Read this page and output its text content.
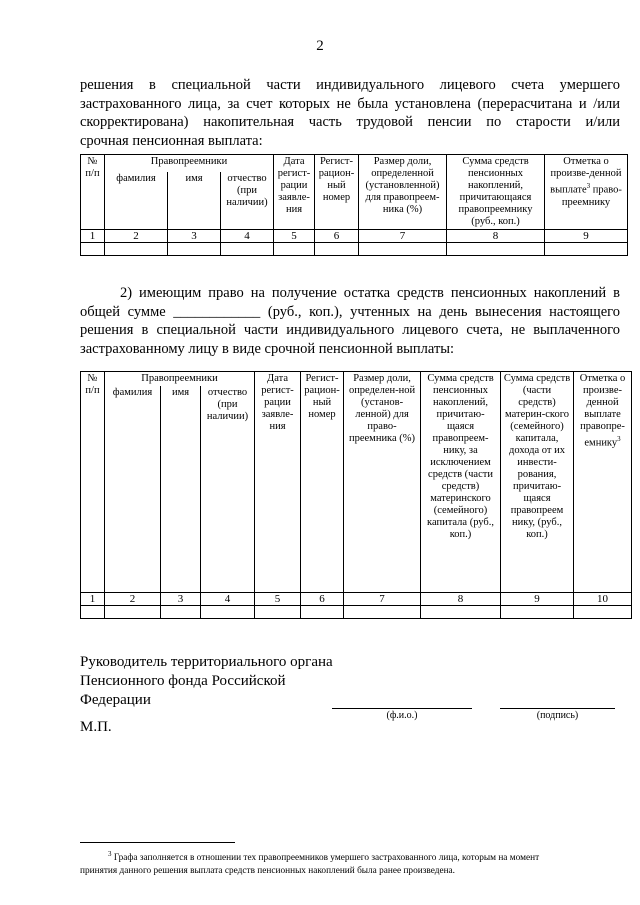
2
решения в специальной части индивидуального лицевого счета умершего
застрахованного лица, за счет которых не была установлена (перерасчитана и /или
скорректирована) накопительная часть трудовой пенсии по старости и/или
срочная пенсионная выплата:
№ п/п	Правопреемники			Дата регист-рации заявле-ния	Регист-рацион-ный номер	Размер доли, определенной (установленной) для правопреем-ника (%)	Сумма средств пенсионных накоплений, причитающаяся правопреемнику (руб., коп.)	Отметка о произве-денной выплате$^3$ право-преемнику
	фамилия	имя	отчество (при наличии)					
1	2	3	4	5	6	7	8	9

2) имеющим право на получение остатка средств пенсионных накоплений в
общей сумме ____________ (руб., коп.), учтенных на день вынесения настоящего
решения в специальной части индивидуального лицевого счета, не выплаченного
застрахованному лицу в виде срочной пенсионной выплаты:
№ п/п	Правопреемники			Дата регист-рации заявле-ния	Регист-рацион-ный номер	Размер доли, определен-ной (установ-ленной) для право-преемника (%)	Сумма средств пенсионных накоплений, причитаю-щаяся правопреем-нику, за исключением средств (части средств) материнского (семейного) капитала (руб., коп.)	Сумма средств (части средств) материн-ского (семейного) капитала, дохода от их инвести-рования, причитаю-щаяся правопреем нику, (руб., коп.)	Отметка о произве-денной выплате правопре-емнику$^3$
	фамилия	имя	отчество (при наличии)						
1	2	3	4	5	6	7	8	9	10

Руководитель территориального органа
Пенсионного фонда Российской
Федерации
(ф.и.о.)	(подпись)
М.П.
$^3$ Графа заполняется в отношении тех правопреемников умершего застрахованного лица, которым на момент
принятия данного решения выплата средств пенсионных накоплений была ранее произведена.
